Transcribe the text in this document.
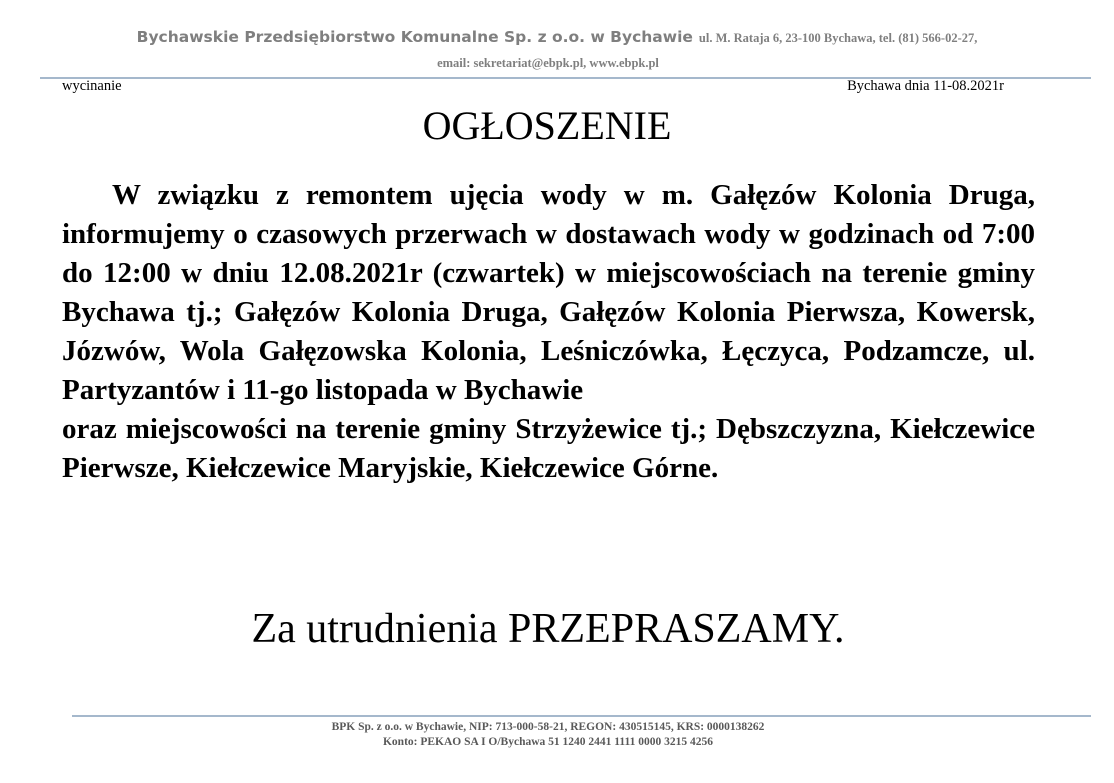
Bychawskie Przedsiębiorstwo Komunalne Sp. z o.o. w Bychawie ul. M. Rataja 6, 23-100 Bychawa, tel. (81) 566-02-27,
email: sekretariat@ebpk.pl, www.ebpk.pl
wycinanie	Bychawa dnia 11-08.2021r
OGŁOSZENIE

W związku z remontem ujęcia wody w m. Gałęzów Kolonia Druga, informujemy o czasowych przerwach w dostawach wody w godzinach od 7:00 do 12:00 w dniu 12.08.2021r (czwartek) w miejscowościach na terenie gminy Bychawa tj.; Gałęzów Kolonia Druga, Gałęzów Kolonia Pierwsza, Kowersk, Józwów, Wola Gałęzowska Kolonia, Leśniczówka, Łęczyca, Podzamcze, ul. Partyzantów i 11-go listopada w Bychawie

oraz miejscowości na terenie gminy Strzyżewice tj.; Dębszczyzna, Kiełczewice Pierwsze, Kiełczewice Maryjskie, Kiełczewice Górne.

Za utrudnienia PRZEPRASZAMY.
BPK Sp. z o.o. w Bychawie, NIP: 713-000-58-21, REGON: 430515145, KRS: 0000138262
Konto: PEKAO SA I O/Bychawa 51 1240 2441 1111 0000 3215 4256
